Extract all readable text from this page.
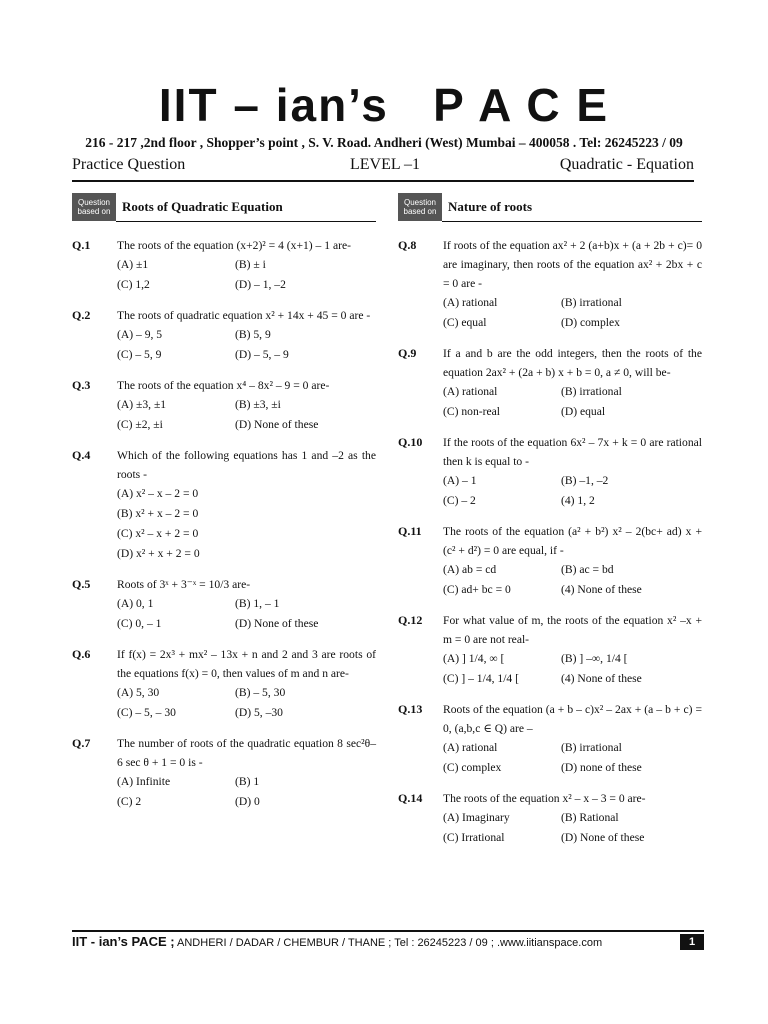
IIT – ian’s   P A C E
216 - 217 ,2nd floor , Shopper’s point , S. V. Road. Andheri (West) Mumbai – 400058 . Tel: 26245223 / 09
Practice Question	LEVEL –1	Quadratic - Equation
Question based on Roots of Quadratic Equation
Q.1 The roots of the equation (x+2)² = 4 (x+1) – 1 are-
(A) ±1	(B) ± i
(C) 1,2	(D) – 1, –2
Q.2 The roots of quadratic equation x² + 14x + 45 = 0 are -
(A) – 9, 5	(B) 5, 9
(C) – 5, 9	(D) – 5, – 9
Q.3 The roots of the equation x⁴ – 8x² – 9 = 0 are-
(A) ±3, ±1	(B) ±3, ±i
(C) ±2, ±i	(D) None of these
Q.4 Which of the following equations has 1 and –2 as the roots -
(A) x² – x – 2 = 0
(B) x² + x – 2 = 0
(C) x² – x + 2 = 0
(D) x² + x + 2 = 0
Q.5 Roots of 3ˣ + 3⁻ˣ = 10/3 are-
(A) 0, 1	(B) 1, – 1
(C) 0, – 1	(D) None of these
Q.6 If f(x) = 2x³ + mx² – 13x + n and 2 and 3 are roots of the equations f(x) = 0, then values of m and n are-
(A) 5, 30	(B) – 5, 30
(C) – 5, – 30	(D) 5, –30
Q.7 The number of roots of the quadratic equation 8 sec²θ– 6 sec θ + 1 = 0 is -
(A) Infinite	(B) 1
(C) 2	(D) 0
Question based on Nature of roots
Q.8 If roots of the equation ax² + 2 (a+b)x + (a + 2b + c)= 0 are imaginary, then roots of the equation ax² + 2bx + c = 0 are -
(A) rational	(B) irrational
(C) equal	(D) complex
Q.9 If a and b are the odd integers, then the roots of the equation 2ax² + (2a + b) x + b = 0, a ≠ 0, will be-
(A) rational	(B) irrational
(C) non-real	(D) equal
Q.10 If the roots of the equation 6x² – 7x + k = 0 are rational then k is equal to -
(A) – 1	(B) –1, –2
(C) – 2	(4) 1, 2
Q.11 The roots of the equation (a² + b²) x² – 2(bc+ ad) x + (c² + d²) = 0 are equal, if -
(A) ab = cd	(B) ac = bd
(C) ad+ bc = 0	(4) None of these
Q.12 For what value of m, the roots of the equation x² –x + m = 0 are not real-
(A) ] 1/4, ∞ [	(B) ] –∞, 1/4 [
(C) ] – 1/4, 1/4 [	(4) None of these
Q.13 Roots of the equation (a + b – c)x² – 2ax + (a – b + c) = 0, (a,b,c ∈ Q) are –
(A) rational	(B) irrational
(C) complex	(D) none of these
Q.14 The roots of the equation x² – x – 3 = 0 are-
(A) Imaginary	(B) Rational
(C) Irrational	(D) None of these
IIT - ian’s PACE ; ANDHERI / DADAR / CHEMBUR / THANE ; Tel : 26245223 / 09 ; .www.iitianspace.com	1
